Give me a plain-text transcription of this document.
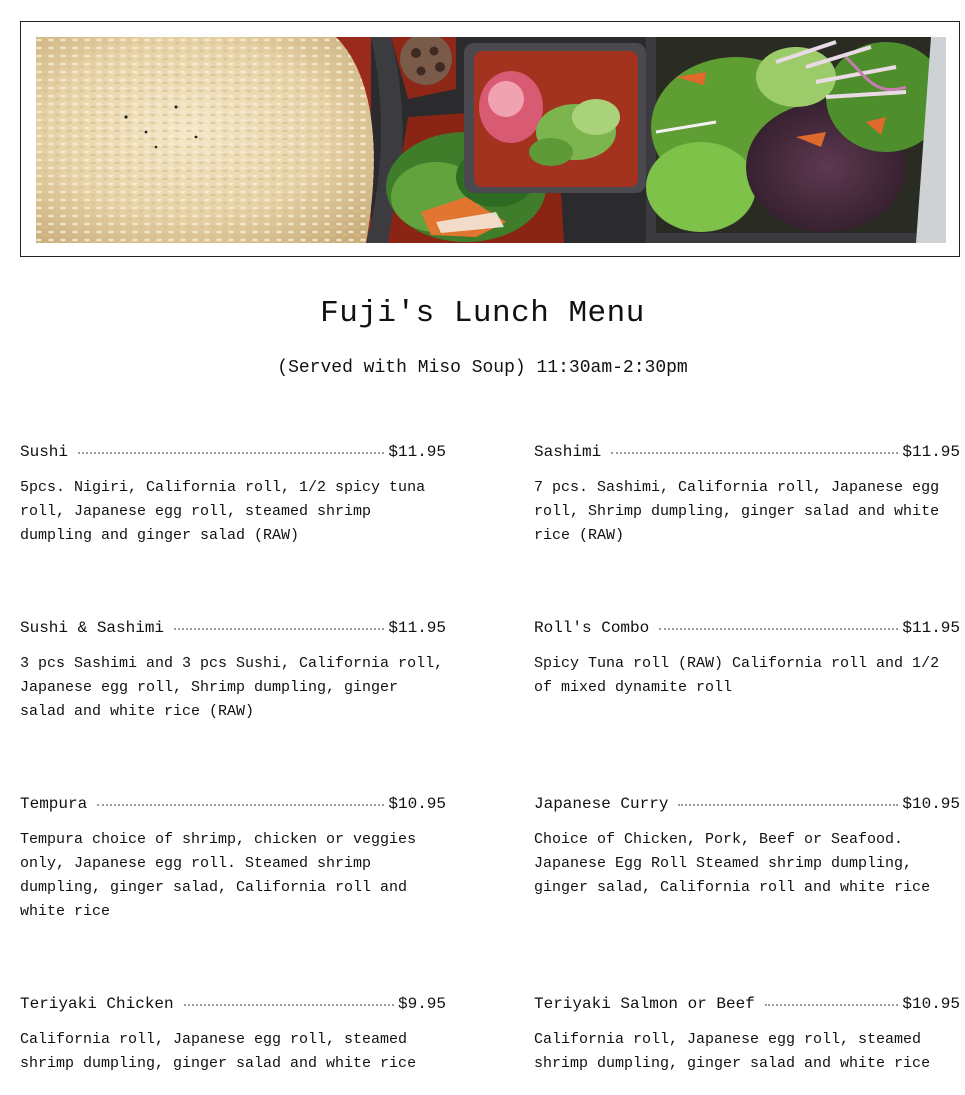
Fuji's Lunch Menu
(Served with Miso Soup) 11:30am-2:30pm
Sushi	$11.95
5pcs. Nigiri, California roll, 1/2 spicy tuna roll, Japanese egg roll, steamed shrimp dumpling and ginger salad (RAW)
Sashimi	$11.95
7 pcs. Sashimi, California roll, Japanese egg roll, Shrimp dumpling, ginger salad and white rice (RAW)
Sushi & Sashimi	$11.95
3 pcs Sashimi and 3 pcs Sushi, California roll, Japanese egg roll, Shrimp dumpling, ginger salad and white rice (RAW)
Roll's Combo	$11.95
Spicy Tuna roll (RAW) California roll and 1/2 of mixed dynamite roll
Tempura	$10.95
Tempura choice of shrimp, chicken or veggies only, Japanese egg roll. Steamed shrimp dumpling, ginger salad, California roll and white rice
Japanese Curry	$10.95
Choice of Chicken, Pork, Beef or Seafood. Japanese Egg Roll Steamed shrimp dumpling, ginger salad, California roll and white rice
Teriyaki Chicken	$9.95
California roll, Japanese egg roll, steamed shrimp dumpling, ginger salad and white rice
Teriyaki Salmon or Beef	$10.95
California roll, Japanese egg roll, steamed shrimp dumpling, ginger salad and white rice
